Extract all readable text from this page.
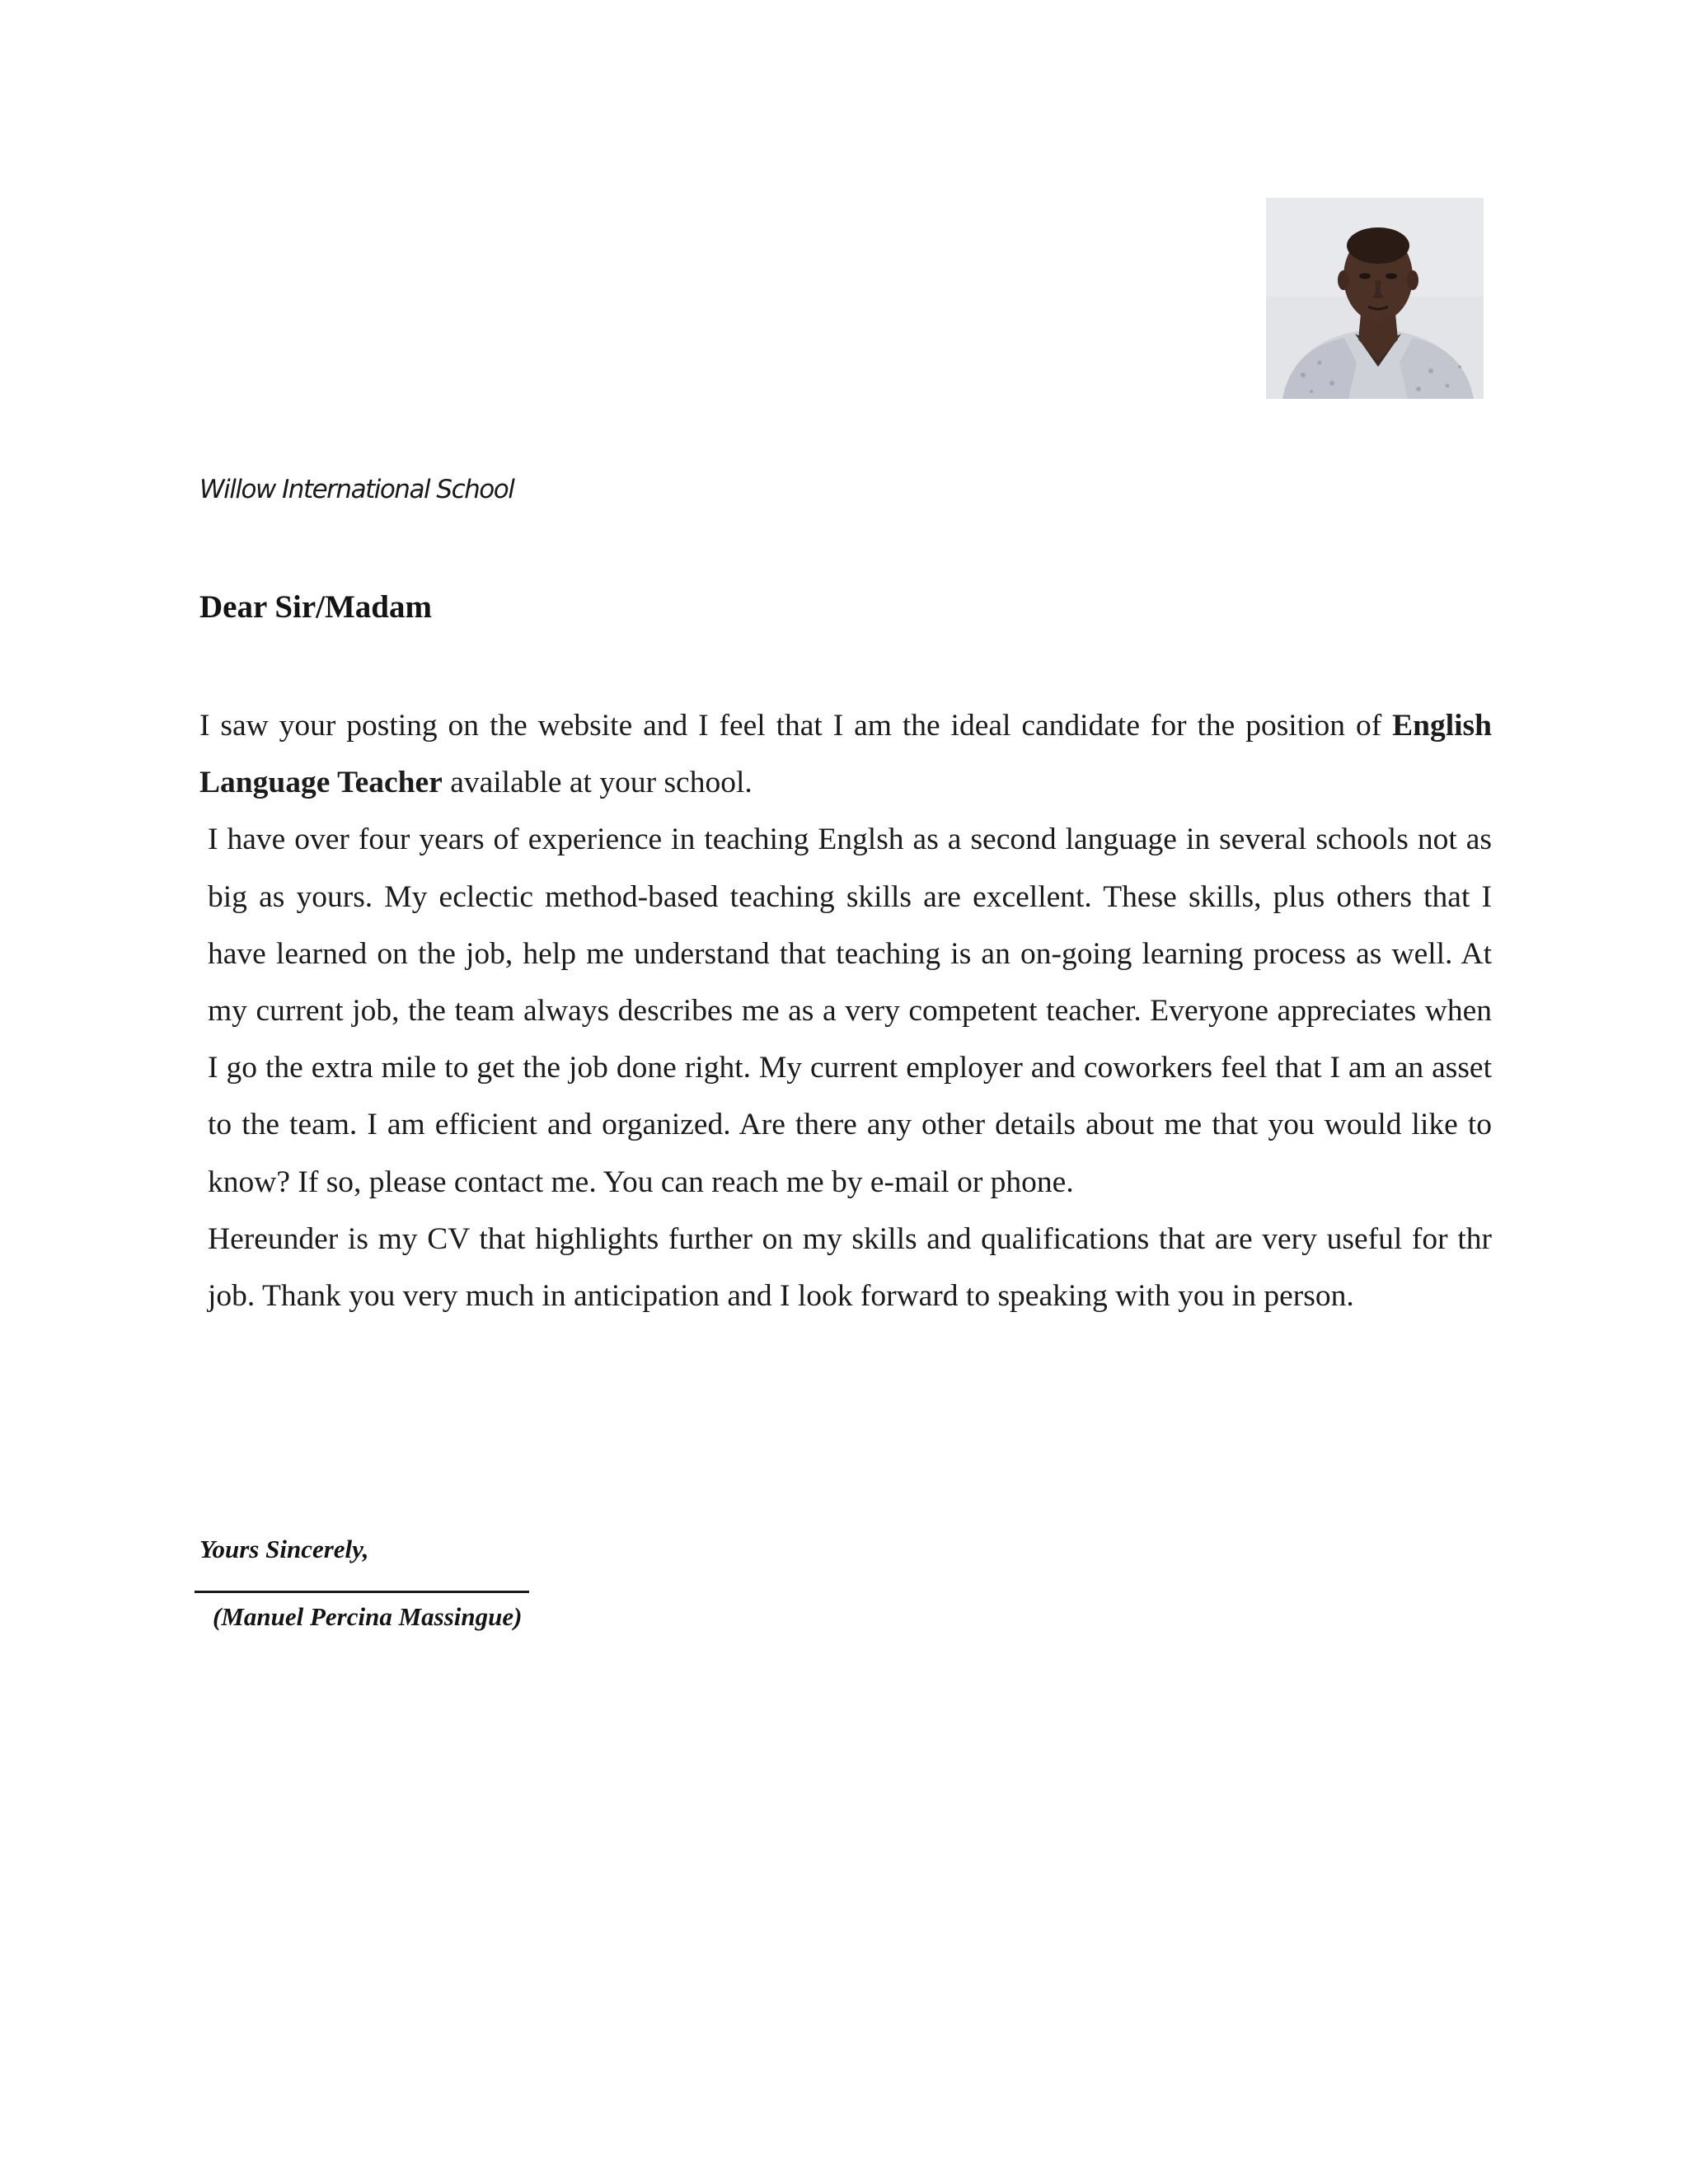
Willow International School
Dear Sir/Madam

I saw your posting on the website and I feel that I am the ideal candidate for the position of English Language Teacher available at your school.

I have over four years of experience in teaching Englsh as a second language in several schools not as big as yours. My eclectic method-based teaching skills are excellent. These skills, plus others that I have learned on the job, help me understand that teaching is an on-going learning process as well. At my current job, the team always describes me as a very competent teacher. Everyone appreciates when I go the extra mile to get the job done right. My current employer and coworkers feel that I am an asset to the team. I am efficient and organized. Are there any other details about me that you would like to know? If so, please contact me. You can reach me by e-mail or phone.

Hereunder is my CV that highlights further on my skills and qualifications that are very useful for thr job. Thank you very much in anticipation and I look forward to speaking with you in person.

Yours Sincerely,
(Manuel Percina Massingue)
